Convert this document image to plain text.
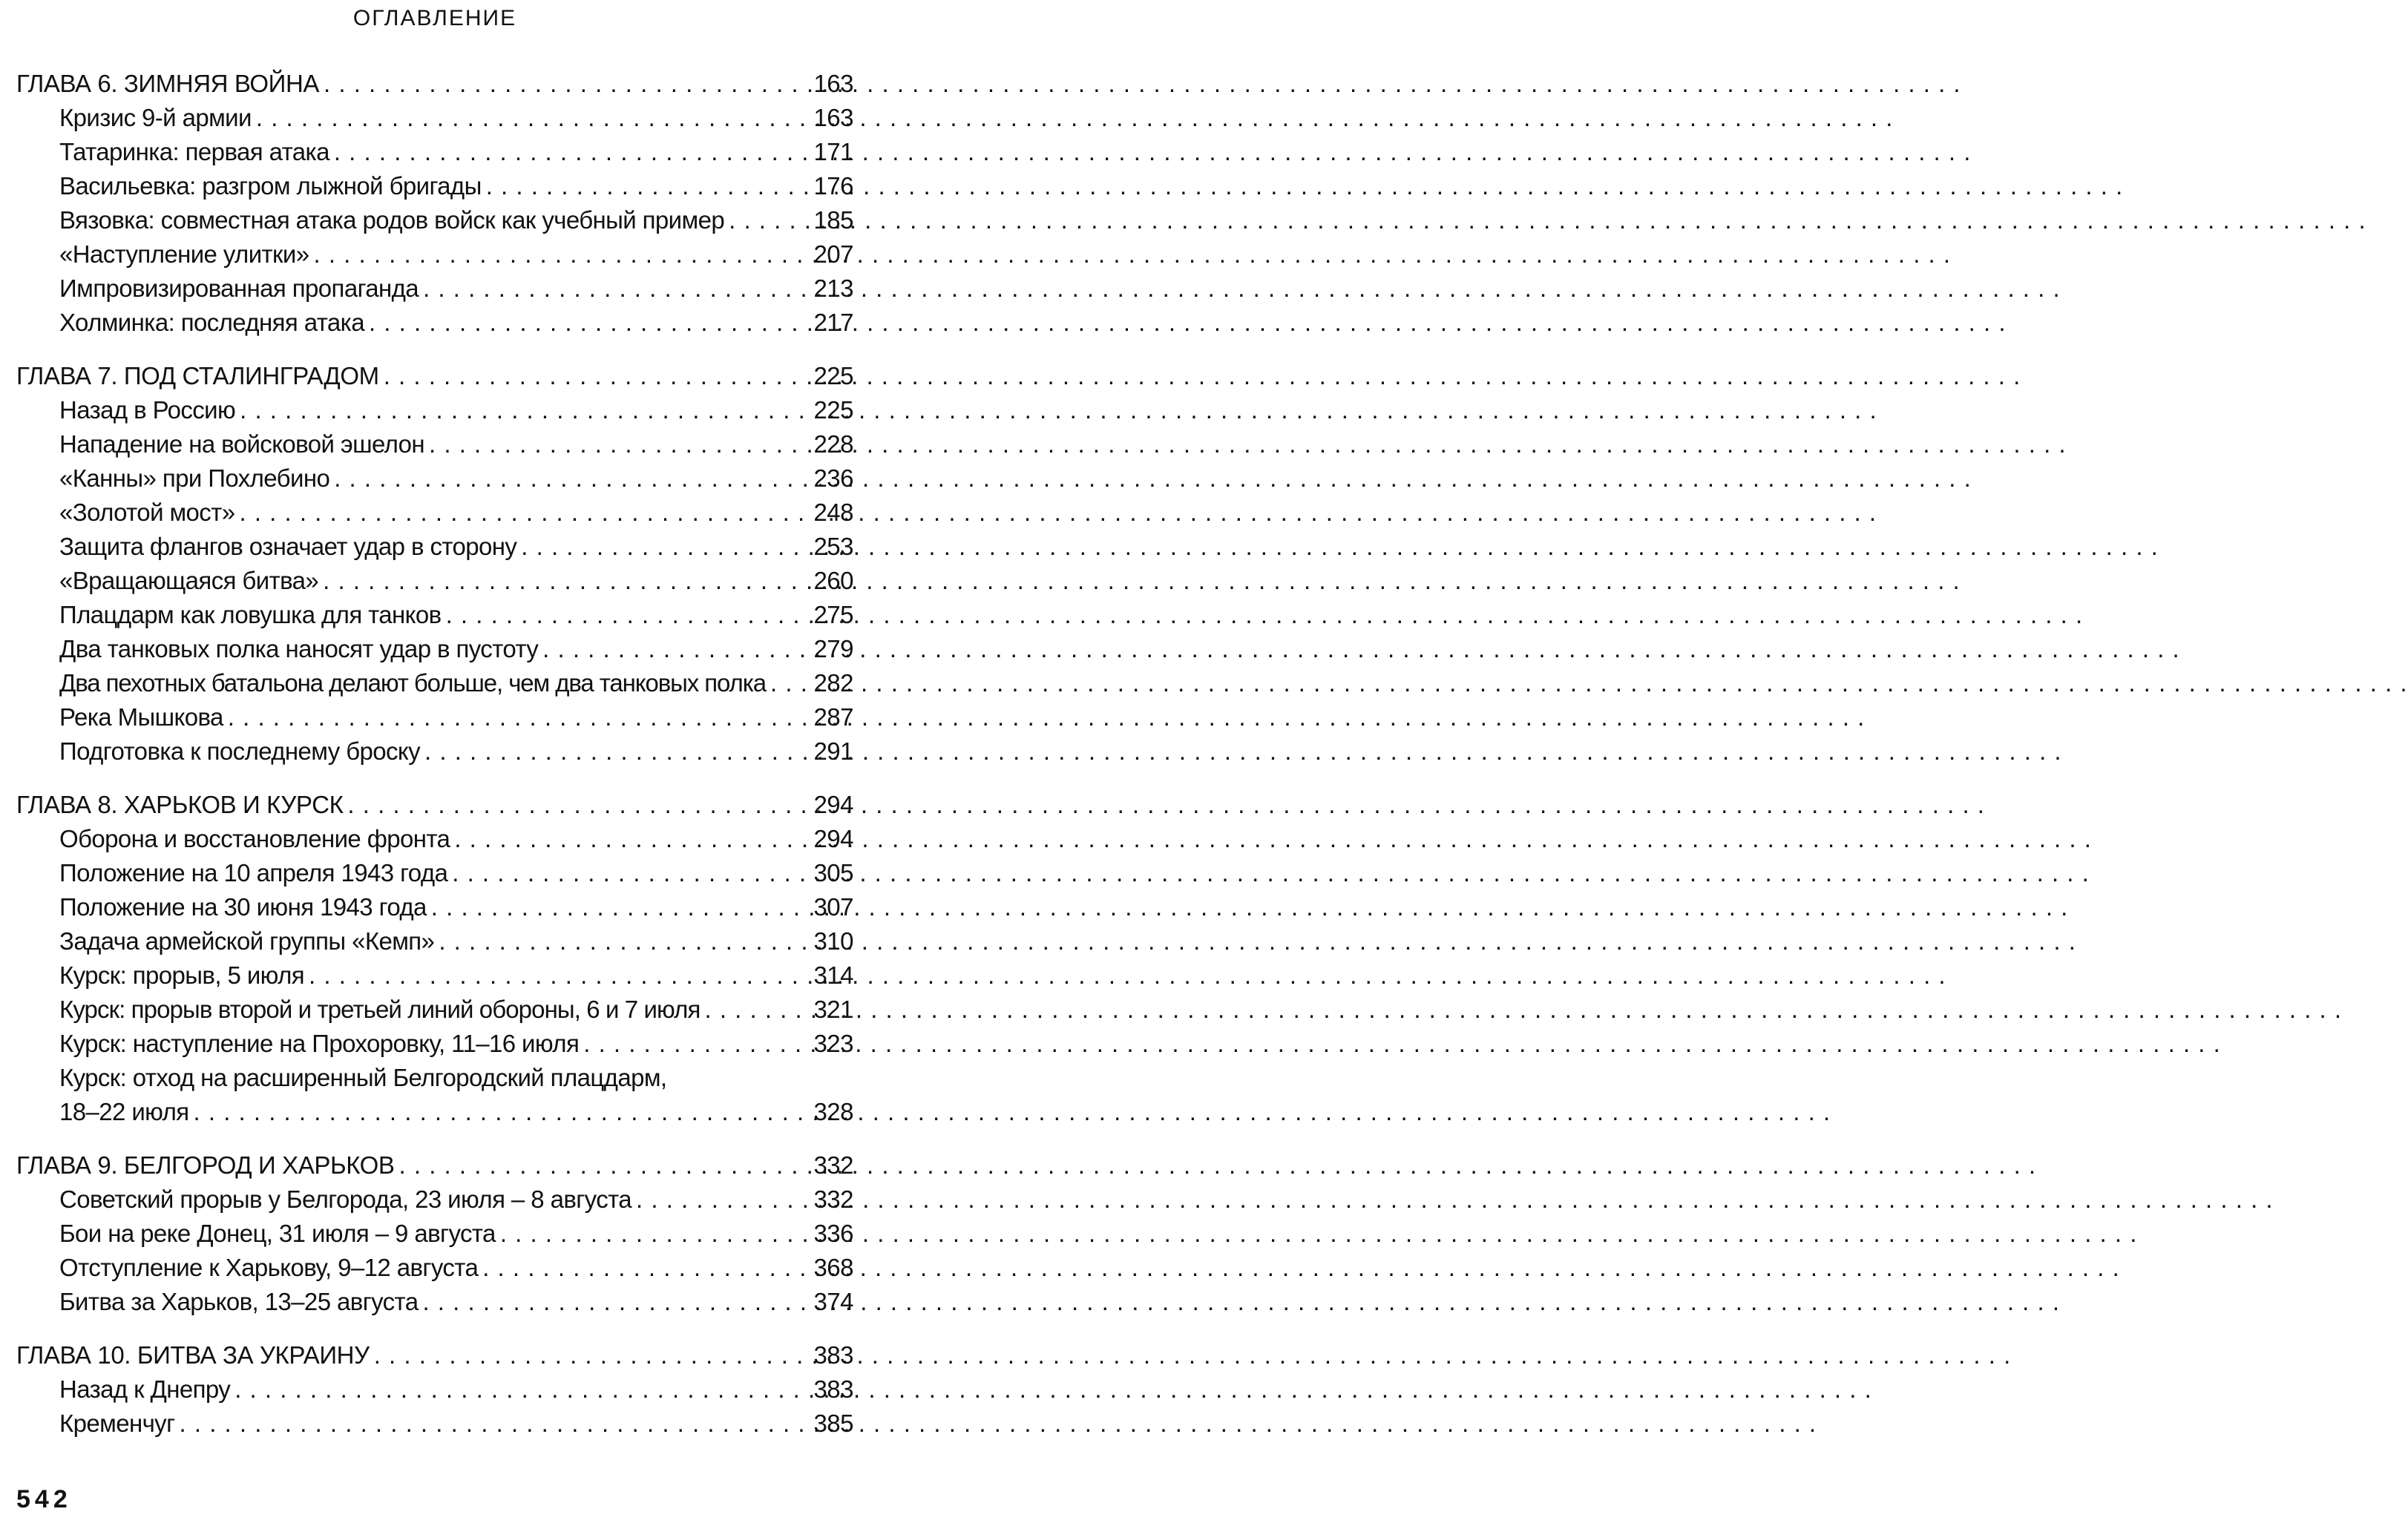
ОГЛАВЛЕНИЕ
ГЛАВА 6. ЗИМНЯЯ ВОЙНА . . .	163
Кризис 9-й армии . . .	163
Татаринка: первая атака . . .	171
Васильевка: разгром лыжной бригады . . .	176
Вязовка: совместная атака родов войск как учебный пример . . .	185
«Наступление улитки» . . .	207
Импровизированная пропаганда . . .	213
Холминка: последняя атака . . .	217
ГЛАВА 7. ПОД СТАЛИНГРАДОМ . . .	225
Назад в Россию . . .	225
Нападение на войсковой эшелон . . .	228
«Канны» при Похлебино . . .	236
«Золотой мост» . . .	248
Защита флангов означает удар в сторону . . .	253
«Вращающаяся битва» . . .	260
Плацдарм как ловушка для танков . . .	275
Два танковых полка наносят удар в пустоту . . .	279
Два пехотных батальона делают больше, чем два танковых полка . . . 282
Река Мышкова . . .	287
Подготовка к последнему броску . . .	291
ГЛАВА 8. ХАРЬКОВ И КУРСК . . .	294
Оборона и восстановление фронта . . .	294
Положение на 10 апреля 1943 года . . .	305
Положение на 30 июня 1943 года . . .	307
Задача армейской группы «Кемп» . . .	310
Курск: прорыв, 5 июля . . .	314
Курск: прорыв второй и третьей линий обороны, 6 и 7 июля . . .	321
Курск: наступление на Прохоровку, 11–16 июля . . .	323
Курск: отход на расширенный Белгородский плацдарм,
18–22 июля . . .	328
ГЛАВА 9. БЕЛГОРОД И ХАРЬКОВ . . .	332
Советский прорыв у Белгорода, 23 июля – 8 августа . . .	332
Бои на реке Донец, 31 июля – 9 августа . . .	336
Отступление к Харькову, 9–12 августа . . .	368
Битва за Харьков, 13–25 августа . . .	374
ГЛАВА 10. БИТВА ЗА УКРАИНУ . . .	383
Назад к Днепру . . .	383
Кременчуг . . .	385
542
